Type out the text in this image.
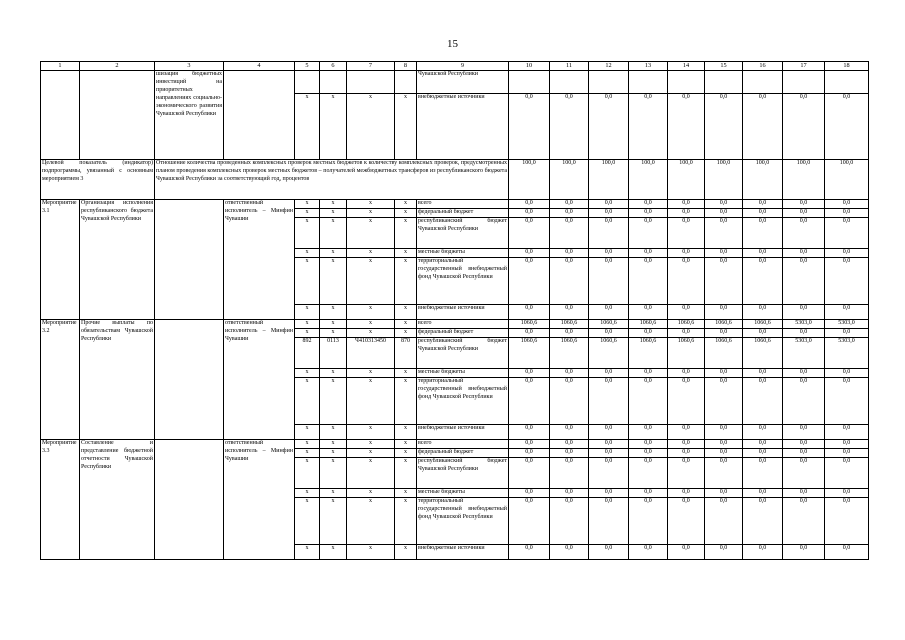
15
1	2	3	4	5	6	7	8	9	10	11	12	13	14	15	16	17	18
		шизация бюджетных инвестиций на приоритетных направлениях социально-экономического развития Чувашской Республики						Чувашской Республики									
				x	x	x	x	внебюджетные источники	0,0	0,0	0,0	0,0	0,0	0,0	0,0	0,0	0,0
Целевой показатель (индикатор) подпрограммы, увязанный с основным мероприятием 3		Отношение количества проведенных комплексных проверок местных бюджетов к количеству комплексных проверок, предусмотренных планом проведения комплексных проверок местных бюджетов – получателей межбюджетных трансферов из республиканского бюджета Чувашской Республики за соответствующий год, процентов							100,0	100,0	100,0	100,0	100,0	100,0	100,0	100,0	100,0
Мероприятие 3.1	Организация исполнения республиканского бюджета Чувашской Республики		ответственный исполнитель – Минфин Чувашии	x	x	x	x	всего	0,0	0,0	0,0	0,0	0,0	0,0	0,0	0,0	0,0
				x	x	x	x	федеральный бюджет	0,0	0,0	0,0	0,0	0,0	0,0	0,0	0,0	0,0
				x	x	x	x	республиканский бюджет Чувашской Республики	0,0	0,0	0,0	0,0	0,0	0,0	0,0	0,0	0,0
				x	x	x	x	местные бюджеты	0,0	0,0	0,0	0,0	0,0	0,0	0,0	0,0	0,0
				x	x	x	x	территориальный государственный внебюджетный фонд Чувашской Республики	0,0	0,0	0,0	0,0	0,0	0,0	0,0	0,0	0,0
				x	x	x	x	внебюджетные источники	0,0	0,0	0,0	0,0	0,0	0,0	0,0	0,0	0,0
Мероприятие 3.2	Прочие выплаты по обязательствам Чувашской Республики		ответственный исполнитель – Минфин Чувашии	x	x	x	x	всего	1060,6	1060,6	1060,6	1060,6	1060,6	1060,6	1060,6	5303,0	5303,0
				x	x	x	x	федеральный бюджет	0,0	0,0	0,0	0,0	0,0	0,0	0,0	0,0	0,0
				892	0113	Ч410313450	870	республиканский бюджет Чувашской Республики	1060,6	1060,6	1060,6	1060,6	1060,6	1060,6	1060,6	5303,0	5303,0
				x	x	x	x	местные бюджеты	0,0	0,0	0,0	0,0	0,0	0,0	0,0	0,0	0,0
				x	x	x	x	территориальный государственный внебюджетный фонд Чувашской Республики	0,0	0,0	0,0	0,0	0,0	0,0	0,0	0,0	0,0
				x	x	x	x	внебюджетные источники	0,0	0,0	0,0	0,0	0,0	0,0	0,0	0,0	0,0
Мероприятие 3.3	Составление и представление бюджетной отчетности Чувашской Республики		ответственный исполнитель – Минфин Чувашии	x	x	x	x	всего	0,0	0,0	0,0	0,0	0,0	0,0	0,0	0,0	0,0
				x	x	x	x	федеральный бюджет	0,0	0,0	0,0	0,0	0,0	0,0	0,0	0,0	0,0
				x	x	x	x	республиканский бюджет Чувашской Республики	0,0	0,0	0,0	0,0	0,0	0,0	0,0	0,0	0,0
				x	x	x	x	местные бюджеты	0,0	0,0	0,0	0,0	0,0	0,0	0,0	0,0	0,0
				x	x	x	x	территориальный государственный внебюджетный фонд Чувашской Республики	0,0	0,0	0,0	0,0	0,0	0,0	0,0	0,0	0,0
				x	x	x	x	внебюджетные источники	0,0	0,0	0,0	0,0	0,0	0,0	0,0	0,0	0,0
